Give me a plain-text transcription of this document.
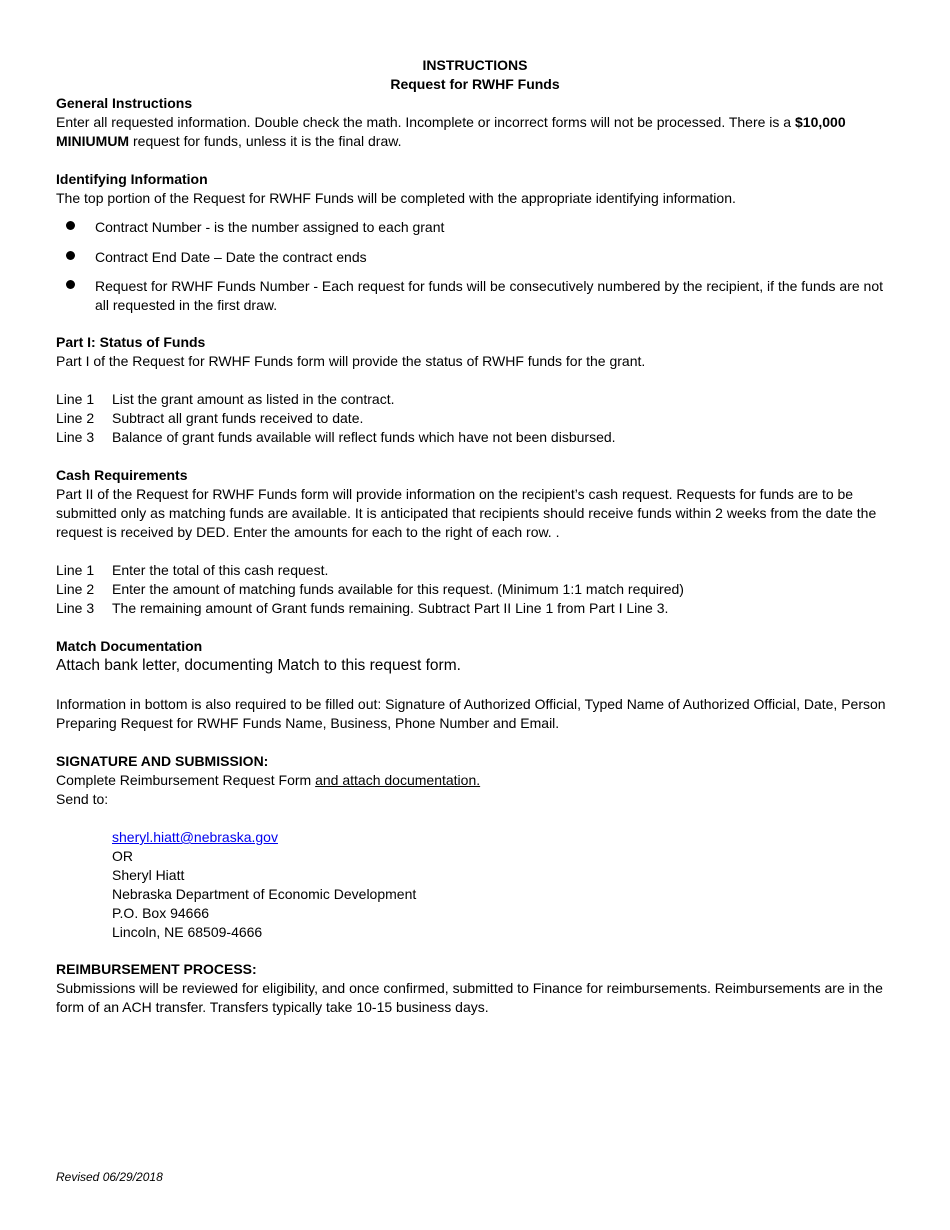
INSTRUCTIONS
Request for RWHF Funds
General Instructions
Enter all requested information. Double check the math. Incomplete or incorrect forms will not be processed. There is a $10,000 MINIUMUM request for funds, unless it is the final draw.
Identifying Information
The top portion of the Request for RWHF Funds will be completed with the appropriate identifying information.
Contract Number - is the number assigned to each grant
Contract End Date – Date the contract ends
Request for RWHF Funds Number - Each request for funds will be consecutively numbered by the recipient, if the funds are not all requested in the first draw.
Part I: Status of Funds
Part I of the Request for RWHF Funds form will provide the status of RWHF funds for the grant.
Line 1 List the grant amount as listed in the contract.
Line 2 Subtract all grant funds received to date.
Line 3 Balance of grant funds available will reflect funds which have not been disbursed.
Cash Requirements
Part II of the Request for RWHF Funds form will provide information on the recipient’s cash request. Requests for funds are to be submitted only as matching funds are available. It is anticipated that recipients should receive funds within 2 weeks from the date the request is received by DED. Enter the amounts for each to the right of each row. .
Line 1 Enter the total of this cash request.
Line 2 Enter the amount of matching funds available for this request. (Minimum 1:1 match required)
Line 3 The remaining amount of Grant funds remaining. Subtract Part II Line 1 from Part I Line 3.
Match Documentation
Attach bank letter, documenting Match to this request form.
Information in bottom is also required to be filled out: Signature of Authorized Official, Typed Name of Authorized Official, Date, Person Preparing Request for RWHF Funds Name, Business, Phone Number and Email.
SIGNATURE AND SUBMISSION:
Complete Reimbursement Request Form and attach documentation.
Send to:
sheryl.hiatt@nebraska.gov
OR
Sheryl Hiatt
Nebraska Department of Economic Development
P.O. Box 94666
Lincoln, NE 68509-4666
REIMBURSEMENT PROCESS:
Submissions will be reviewed for eligibility, and once confirmed, submitted to Finance for reimbursements. Reimbursements are in the form of an ACH transfer. Transfers typically take 10-15 business days.
Revised 06/29/2018
